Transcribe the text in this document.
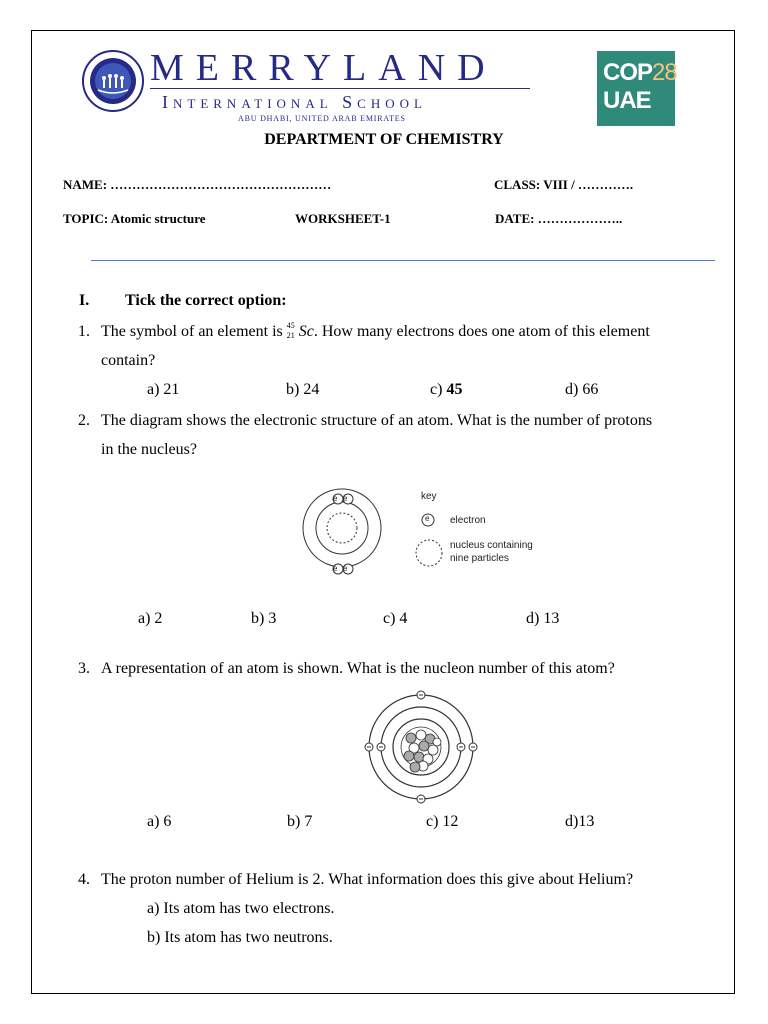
MERRYLAND
International School
ABU DHABI, UNITED ARAB EMIRATES
COP28
UAE
DEPARTMENT OF CHEMISTRY
NAME: ……………………………………………	CLASS: VIII / ………….
TOPIC: Atomic structure	WORKSHEET-1	DATE: ………………..
I. Tick the correct option:
1. The symbol of an element is 45
21 Sc. How many electrons does one atom of this element
contain?
a) 21	b) 24	c) 45	d) 66
2. The diagram shows the electronic structure of an atom. What is the number of protons
in the nucleus?
e e
e e
key
e electron
nucleus containing
nine particles
a) 2	b) 3	c) 4	d) 13
3. A representation of an atom is shown. What is the nucleon number of this atom?
a) 6	b) 7	c) 12	d)13
4. The proton number of Helium is 2. What information does this give about Helium?
a) Its atom has two electrons.
b) Its atom has two neutrons.
